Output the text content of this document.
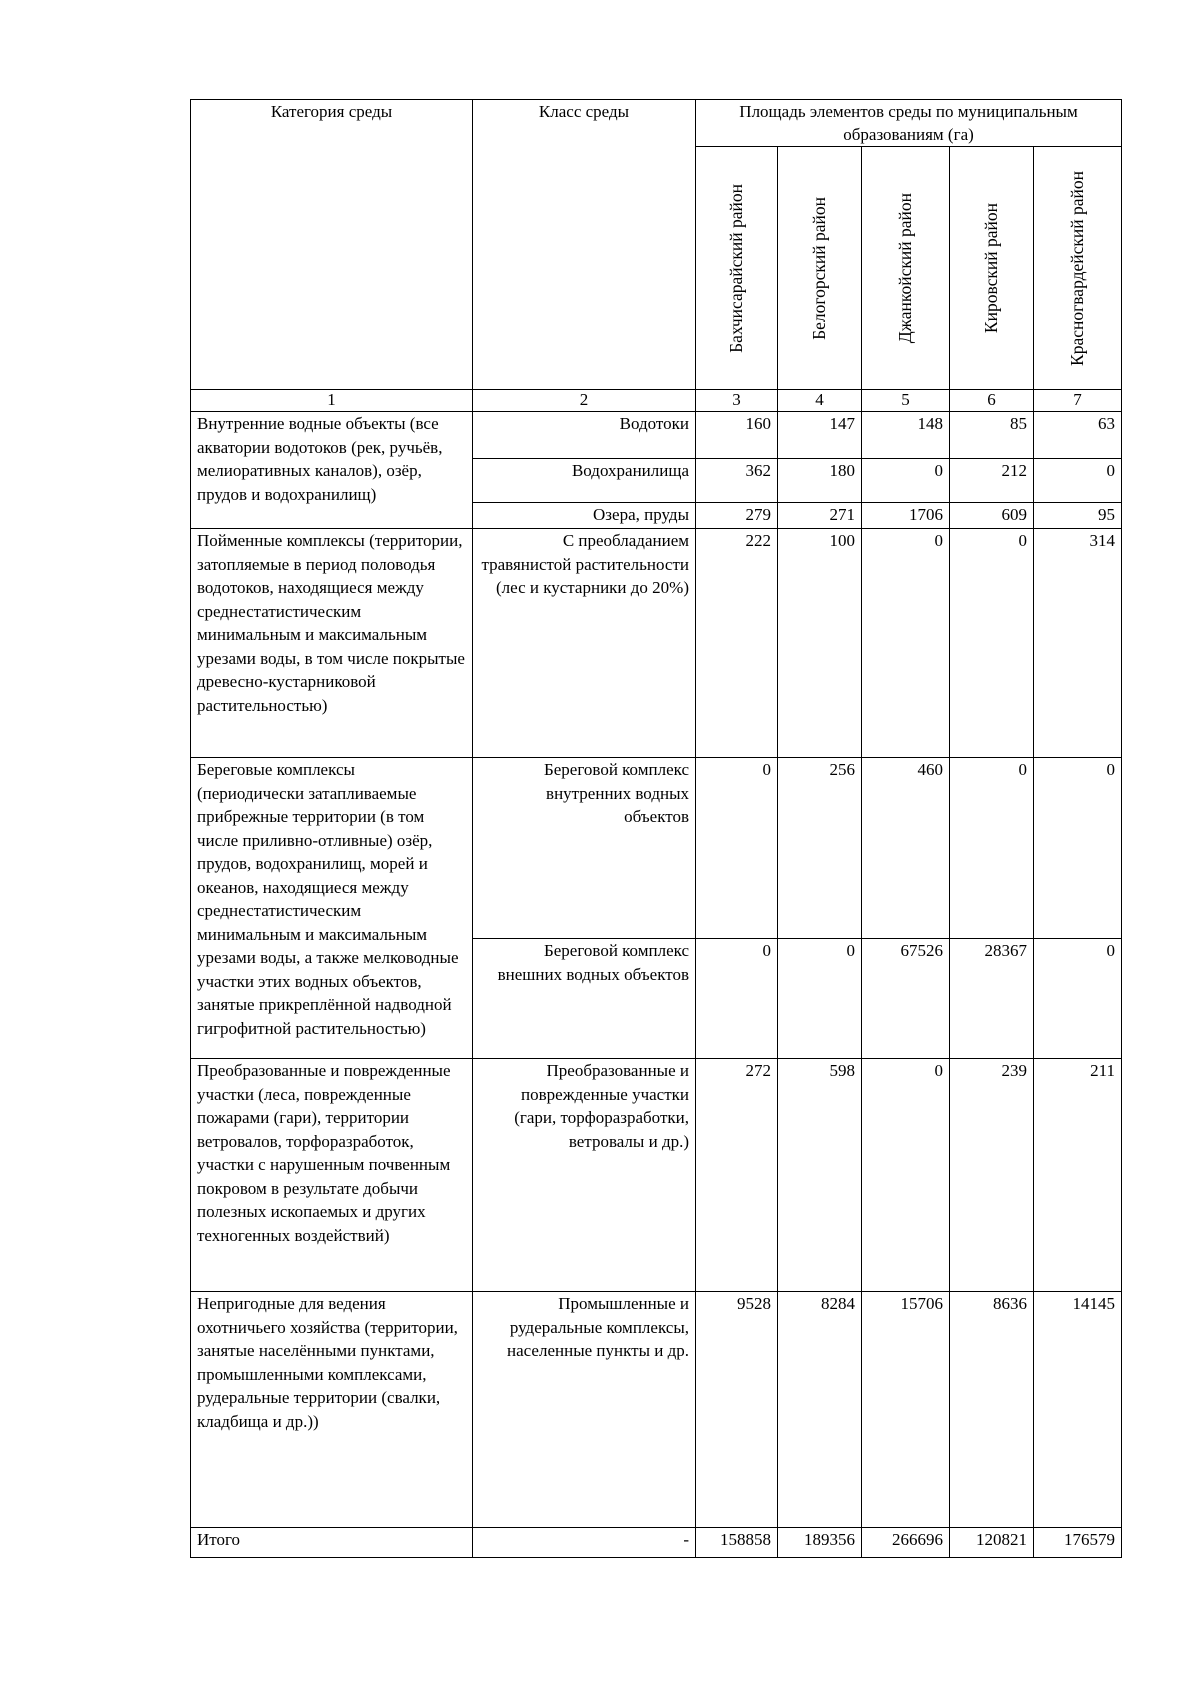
Категория среды	Класс среды	Площадь элементов среды по муниципальным образованиям (га)				

		Бахчисарайский район	Белогорский район	Джанкойский район	Кировский район	Красногвардейский район

1	2	3	4	5	6	7
Внутренние водные объекты (все акватории водотоков (рек, ручьёв, мелиоративных каналов), озёр, прудов и водохранилищ)	Водотоки	160	147	148	85	63
	Водохранилища	362	180	0	212	0
	Озера, пруды	279	271	1706	609	95
Пойменные комплексы (территории, затопляемые в период половодья водотоков, находящиеся между среднестатистическим минимальным и максимальным урезами воды, в том числе покрытые древесно-кустарниковой растительностью)	С преобладанием травянистой растительности (лес и кустарники до 20%)	222	100	0	0	314
Береговые комплексы (периодически затапливаемые прибрежные территории (в том числе приливно-отливные) озёр, прудов, водохранилищ, морей и океанов, находящиеся между среднестатистическим минимальным и максимальным урезами воды, а также мелководные участки этих водных объектов, занятые прикреплённой надводной гигрофитной растительностью)	Береговой комплекс внутренних водных объектов	0	256	460	0	0
	Береговой комплекс внешних водных объектов	0	0	67526	28367	0
Преобразованные и поврежденные участки (леса, поврежденные пожарами (гари), территории ветровалов, торфоразработок, участки с нарушенным почвенным покровом в результате добычи полезных ископаемых и других техногенных воздействий)	Преобразованные и поврежденные участки (гари, торфоразработки, ветровалы и др.)	272	598	0	239	211
Непригодные для ведения охотничьего хозяйства (территории, занятые населёнными пунктами, промышленными комплексами, рудеральные территории (свалки, кладбища и др.))	Промышленные и рудеральные комплексы, населенные пункты и др.	9528	8284	15706	8636	14145
Итого	-	158858	189356	266696	120821	176579
